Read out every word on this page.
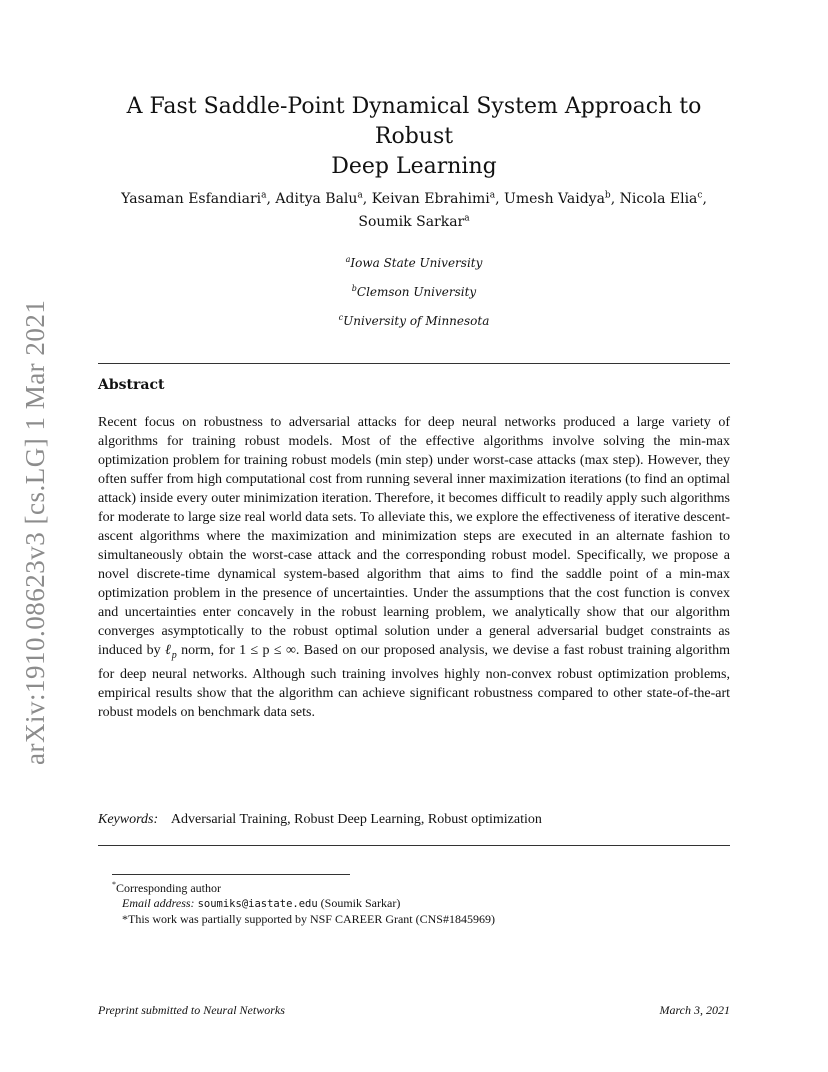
arXiv:1910.08623v3 [cs.LG] 1 Mar 2021
A Fast Saddle-Point Dynamical System Approach to Robust
Deep Learning
Yasaman Esfandiari$^a$, Aditya Balu$^a$, Keivan Ebrahimi$^a$, Umesh Vaidya$^b$, Nicola Elia$^c$,
Soumik Sarkar$^a$
$^a$Iowa State University
$^b$Clemson University
$^c$University of Minnesota
Abstract
Recent focus on robustness to adversarial attacks for deep neural networks produced a large variety of algorithms for training robust models. Most of the effective algorithms involve solving the min-max optimization problem for training robust models (min step) under worst-case attacks (max step). However, they often suffer from high computational cost from running several inner maximization iterations (to find an optimal attack) inside every outer minimization iteration. Therefore, it becomes difficult to readily apply such algorithms for moderate to large size real world data sets. To alleviate this, we explore the effectiveness of iterative descent-ascent algorithms where the maximization and minimization steps are executed in an alternate fashion to simultaneously obtain the worst-case attack and the corresponding robust model. Specifically, we propose a novel discrete-time dynamical system-based algorithm that aims to find the saddle point of a min-max optimization problem in the presence of uncertainties. Under the assumptions that the cost function is convex and uncertainties enter concavely in the robust learning problem, we analytically show that our algorithm converges asymptotically to the robust optimal solution under a general adversarial budget constraints as induced by ℓ$_p$ norm, for 1 ≤ p ≤ ∞. Based on our proposed analysis, we devise a fast robust training algorithm for deep neural networks. Although such training involves highly non-convex robust optimization problems, empirical results show that the algorithm can achieve significant robustness compared to other state-of-the-art robust models on benchmark data sets.
Keywords: Adversarial Training, Robust Deep Learning, Robust optimization
*Corresponding author
Email address: soumiks@iastate.edu (Soumik Sarkar)
*This work was partially supported by NSF CAREER Grant (CNS#1845969)
Preprint submitted to Neural Networks	March 3, 2021
